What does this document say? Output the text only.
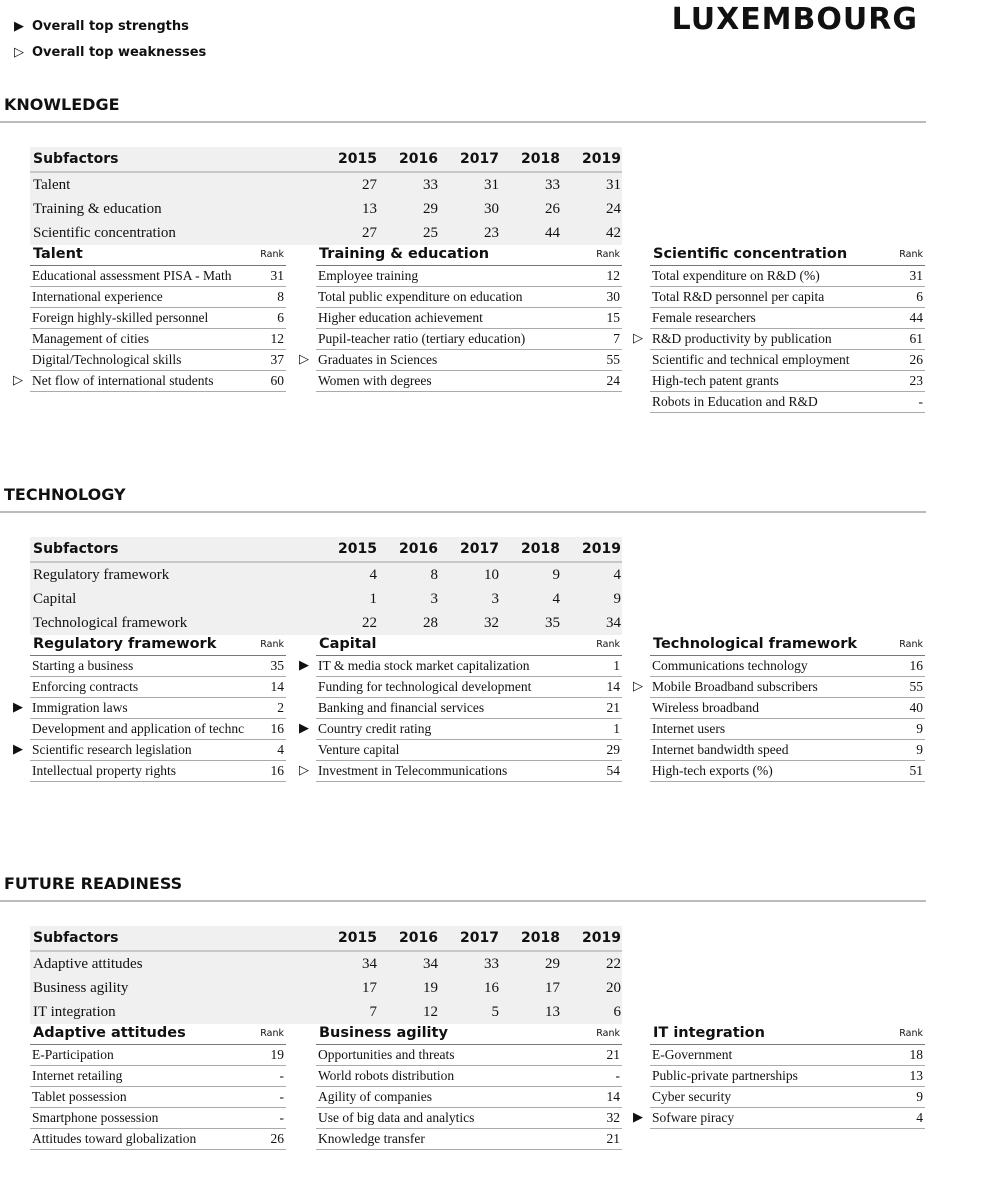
▶ Overall top strengths
▷ Overall top weaknesses
LUXEMBOURG
KNOWLEDGE
Subfactors	2015	2016	2017	2018	2019
Talent	27	33	31	33	31
Training & education	13	29	30	26	24
Scientific concentration	27	25	23	44	42
Talent	Rank
Educational assessment PISA - Math	31
International experience	8
Foreign highly-skilled personnel	6
Management of cities	12
Digital/Technological skills	37
▷ Net flow of international students	60
Training & education	Rank
Employee training	12
Total public expenditure on education	30
Higher education achievement	15
Pupil-teacher ratio (tertiary education)	7
▷ Graduates in Sciences	55
Women with degrees	24
Scientific concentration	Rank
Total expenditure on R&D (%)	31
Total R&D personnel per capita	6
Female researchers	44
▷ R&D productivity by publication	61
Scientific and technical employment	26
High-tech patent grants	23
Robots in Education and R&D	-
TECHNOLOGY
Subfactors	2015	2016	2017	2018	2019
Regulatory framework	4	8	10	9	4
Capital	1	3	3	4	9
Technological framework	22	28	32	35	34
Regulatory framework	Rank
Starting a business	35
Enforcing contracts	14
▶ Immigration laws	2
Development and application of technc	16
▶ Scientific research legislation	4
Intellectual property rights	16
Capital	Rank
▶ IT & media stock market capitalization	1
Funding for technological development	14
Banking and financial services	21
▶ Country credit rating	1
Venture capital	29
▷ Investment in Telecommunications	54
Technological framework	Rank
Communications technology	16
▷ Mobile Broadband subscribers	55
Wireless broadband	40
Internet users	9
Internet bandwidth speed	9
High-tech exports (%)	51
FUTURE READINESS
Subfactors	2015	2016	2017	2018	2019
Adaptive attitudes	34	34	33	29	22
Business agility	17	19	16	17	20
IT integration	7	12	5	13	6
Adaptive attitudes	Rank
E-Participation	19
Internet retailing	-
Tablet possession	-
Smartphone possession	-
Attitudes toward globalization	26
Business agility	Rank
Opportunities and threats	21
World robots distribution	-
Agility of companies	14
Use of big data and analytics	32
Knowledge transfer	21
IT integration	Rank
E-Government	18
Public-private partnerships	13
Cyber security	9
▶ Sofware piracy	4
